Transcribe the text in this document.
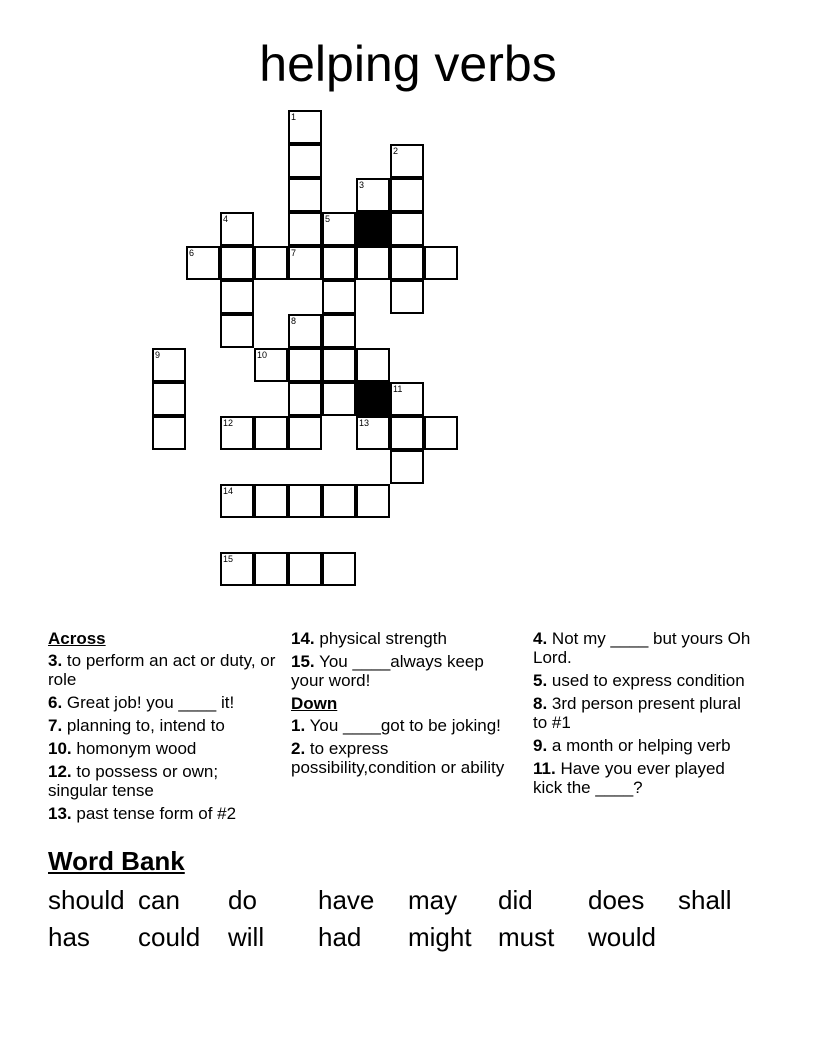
helping verbs
1
2
3
4	5
6	7
8
9	10
11
12	13
14
15
Across
3. to perform an act or duty, or role
6. Great job! you ____ it!
7. planning to, intend to
10. homonym wood
12. to possess or own; singular tense
13. past tense form of #2
14. physical strength
15. You ____always keep your word!
Down
1. You ____got to be joking!
2. to express possibility,condition or ability
4. Not my ____ but yours Oh Lord.
5. used to express condition
8. 3rd person present plural to #1
9. a month or helping verb
11. Have you ever played kick the ____?
Word Bank
should can do have may did does shall
has could will had might must would
